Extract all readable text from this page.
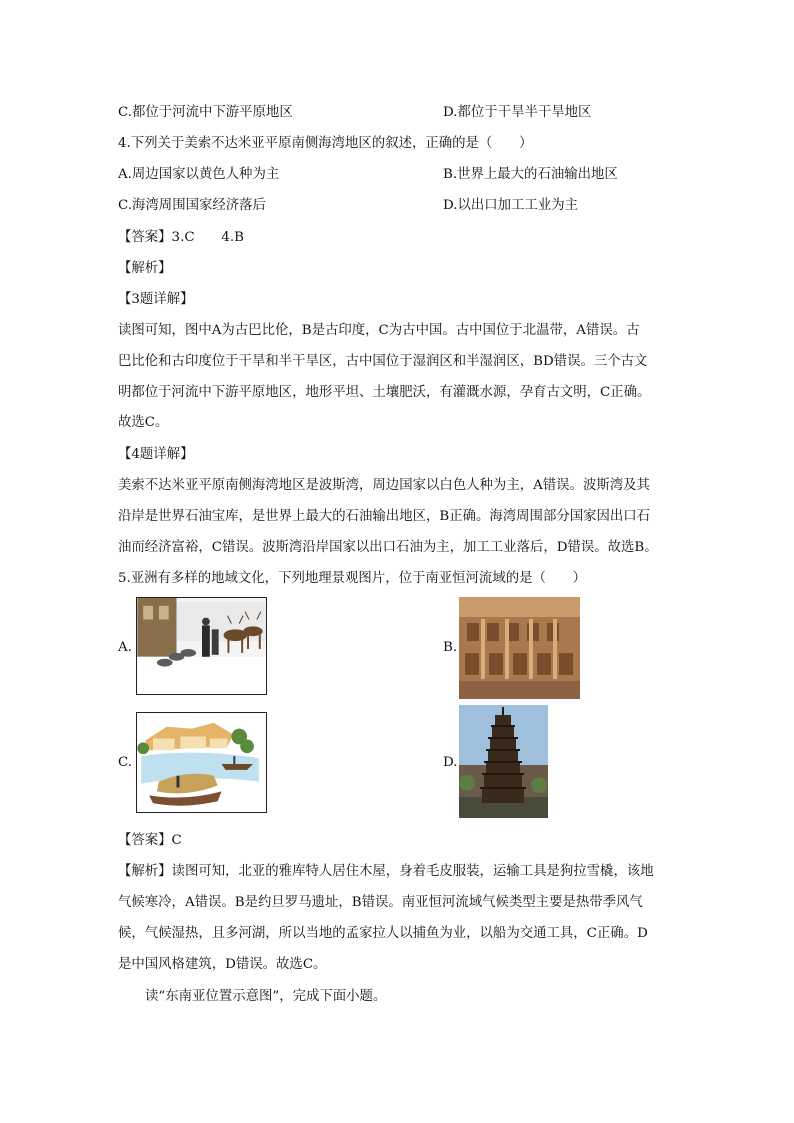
C.都位于河流中下游平原地区	D.都位于干旱半干旱地区
4.下列关于美索不达米亚平原南侧海湾地区的叙述，正确的是（　　）
A.周边国家以黄色人种为主	B.世界上最大的石油输出地区
C.海湾周围国家经济落后	D.以出口加工工业为主
【答案】3.C　　4.B
【解析】
【3题详解】
读图可知，图中A为古巴比伦，B是古印度，C为古中国。古中国位于北温带，A错误。古
巴比伦和古印度位于干旱和半干旱区，古中国位于湿润区和半湿润区，BD错误。三个古文
明都位于河流中下游平原地区，地形平坦、土壤肥沃，有灌溉水源，孕育古文明，C正确。
故选C。
【4题详解】
美索不达米亚平原南侧海湾地区是波斯湾，周边国家以白色人种为主，A错误。波斯湾及其
沿岸是世界石油宝库，是世界上最大的石油输出地区，B正确。海湾周围部分国家因出口石
油而经济富裕，C错误。波斯湾沿岸国家以出口石油为主，加工工业落后，D错误。故选B。
5.亚洲有多样的地域文化，下列地理景观图片，位于南亚恒河流域的是（　　）
A.	B.
C.	D.
【答案】C
【解析】读图可知，北亚的雅库特人居住木屋，身着毛皮服装，运输工具是狗拉雪橇，该地
气候寒冷，A错误。B是约旦罗马遗址，B错误。南亚恒河流域气候类型主要是热带季风气
候，气候湿热，且多河湖，所以当地的孟家拉人以捕鱼为业，以船为交通工具，C正确。D
是中国风格建筑，D错误。故选C。
读“东南亚位置示意图”，完成下面小题。
